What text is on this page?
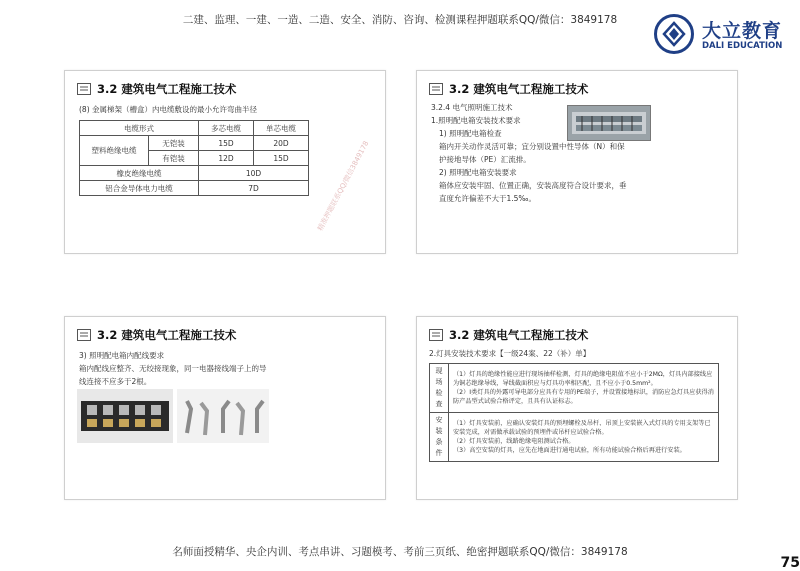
二建、监理、一建、一造、二造、安全、消防、咨询、检测课程押题联系QQ/微信：3849178	大立教育
DALI EDUCATION
3.2 建筑电气工程施工技术

(8) 金属梯架（槽盒）内电缆敷设的最小允许弯曲半径

电缆形式		多芯电缆	单芯电缆
塑料绝缘电缆	无铠装	15D	20D
	有铠装	12D	15D
橡皮绝缘电缆		10D	
铝合金导体电力电缆		7D		精准押题联系QQ/微信3849178
3.2 建筑电气工程施工技术

3.2.4 电气照明施工技术

1.照明配电箱安装技术要求

1) 照明配电箱检查

箱内开关动作灵活可靠；宜分别设置中性导体（N）和保

护接地导体（PE）汇流排。

2) 照明配电箱安装要求

箱体应安装牢固、位置正确，安装高度符合设计要求，垂

直度允许偏差不大于1.5‰。

3.2 建筑电气工程施工技术

3) 照明配电箱内配线要求

箱内配线应整齐、无绞接现象，同一电器接线端子上的导

线连接不应多于2根。

3.2 建筑电气工程施工技术

2.灯具安装技术要求【一级24案、22（补）单】

现场检查	（1）灯具的绝缘性能应进行现场抽样检测，灯具的绝缘电阻值不应小于2MΩ，灯具内部接线应为铜芯绝缘导线，导线截面积应与灯具功率相匹配，且不应小于0.5mm²。
（2）I类灯具的外露可导电部分应具有专用的PE端子，并设置接地标识，消防应急灯具应获得消防产品型式试验合格评定，且具有认证标志。

安装条件	（1）灯具安装前，应确认安装灯具的预埋螺栓及吊杆、吊顶上安装嵌入式灯具的专用支架等已安装完成，对需做承载试验的预埋件或吊杆应试验合格。
（2）灯具安装前，线路绝缘电阻测试合格。
（3）高空安装的灯具，应先在地面进行通电试验，所有功能试验合格后再进行安装。
名师面授精华、央企内训、考点串讲、习题模考、考前三页纸、绝密押题联系QQ/微信：3849178
75
